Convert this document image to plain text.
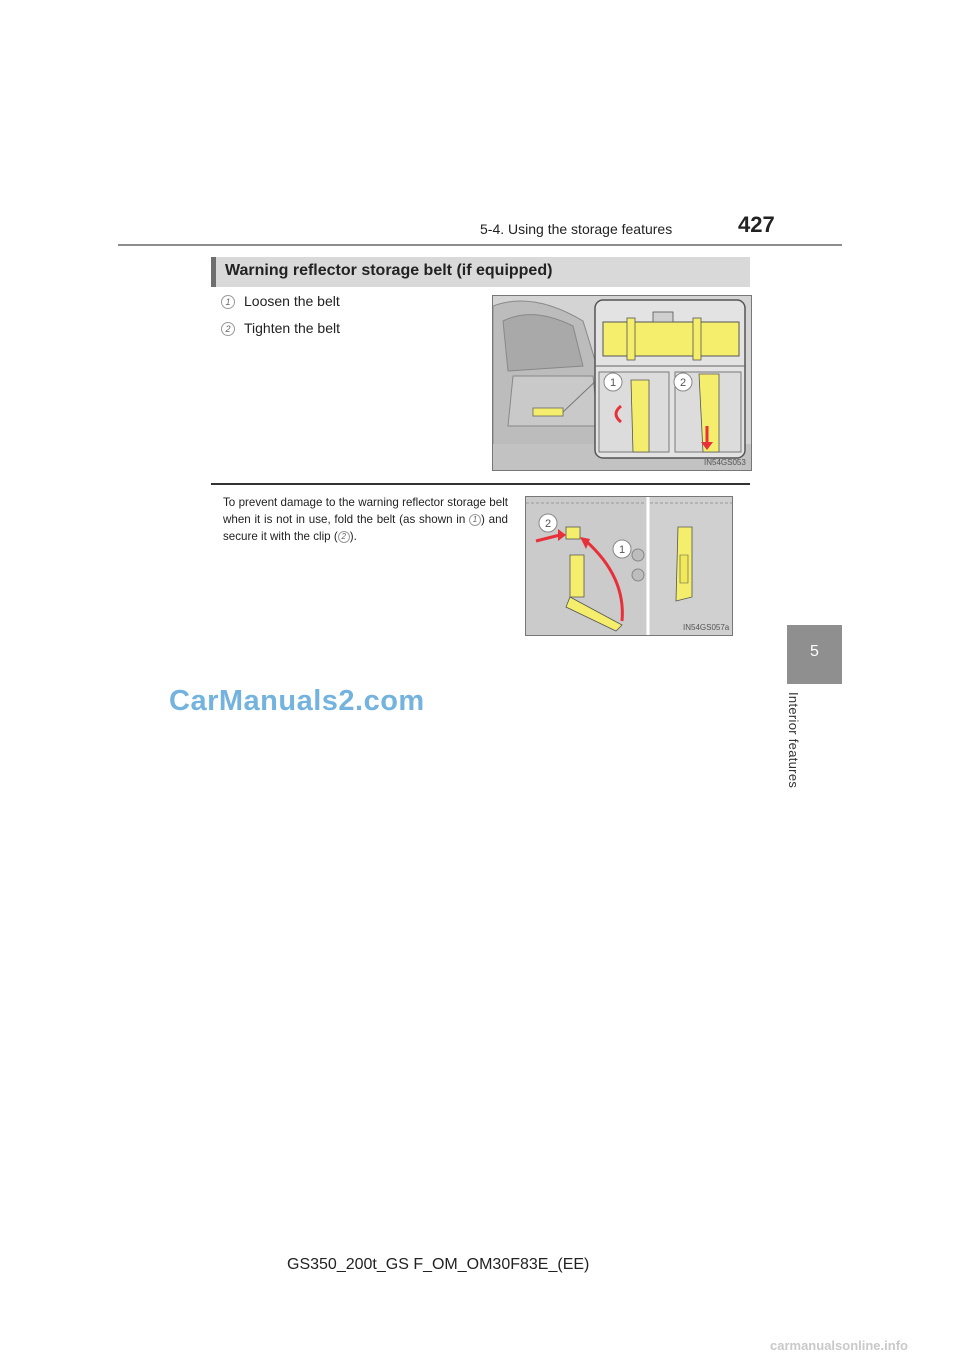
5-4. Using the storage features	427
5
Interior features
Warning reflector storage belt (if equipped)
1 Loosen the belt
2 Tighten the belt
1	2
IN54GS053
To prevent damage to the warning reflector storage belt when it is not in use, fold the belt (as shown in 1 ) and secure it with the clip ( 2 ).
2
1
IN54GS057a
CarManuals2.com
GS350_200t_GS F_OM_OM30F83E_(EE)
carmanualsonline.info
